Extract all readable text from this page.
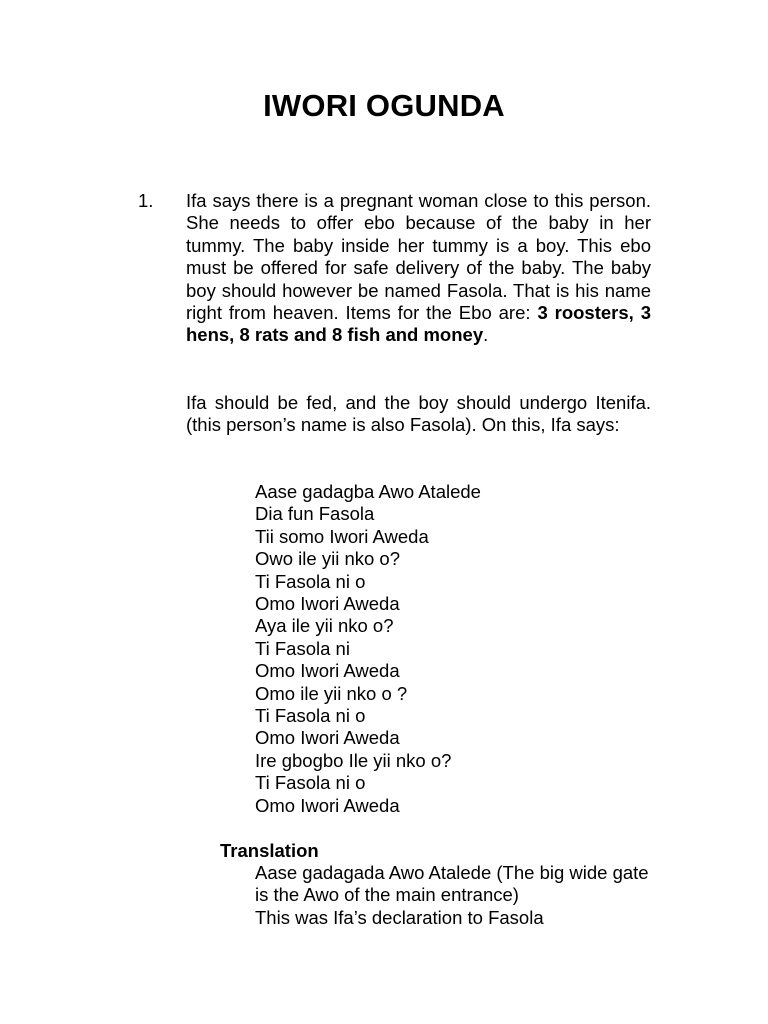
IWORI OGUNDA
1. Ifa says there is a pregnant woman close to this person. She needs to offer ebo because of the baby in her tummy. The baby inside her tummy is a boy. This ebo must be offered for safe delivery of the baby. The baby boy should however be named Fasola. That is his name right from heaven. Items for the Ebo are: 3 roosters, 3 hens, 8 rats and 8 fish and money.

Ifa should be fed, and the boy should undergo Itenifa. (this person’s name is also Fasola). On this, Ifa says:

Aase gadagba Awo Atalede
Dia fun Fasola
Tii somo Iwori Aweda
Owo ile yii nko o?
Ti Fasola ni o
Omo Iwori Aweda
Aya ile yii nko o?
Ti Fasola ni
Omo Iwori Aweda
Omo ile yii nko o ?
Ti Fasola ni o
Omo Iwori Aweda
Ire gbogbo Ile yii nko o?
Ti Fasola ni o
Omo Iwori Aweda
Translation
Aase gadagada Awo Atalede (The big wide gate is the Awo of the main entrance)
This was Ifa’s declaration to Fasola
